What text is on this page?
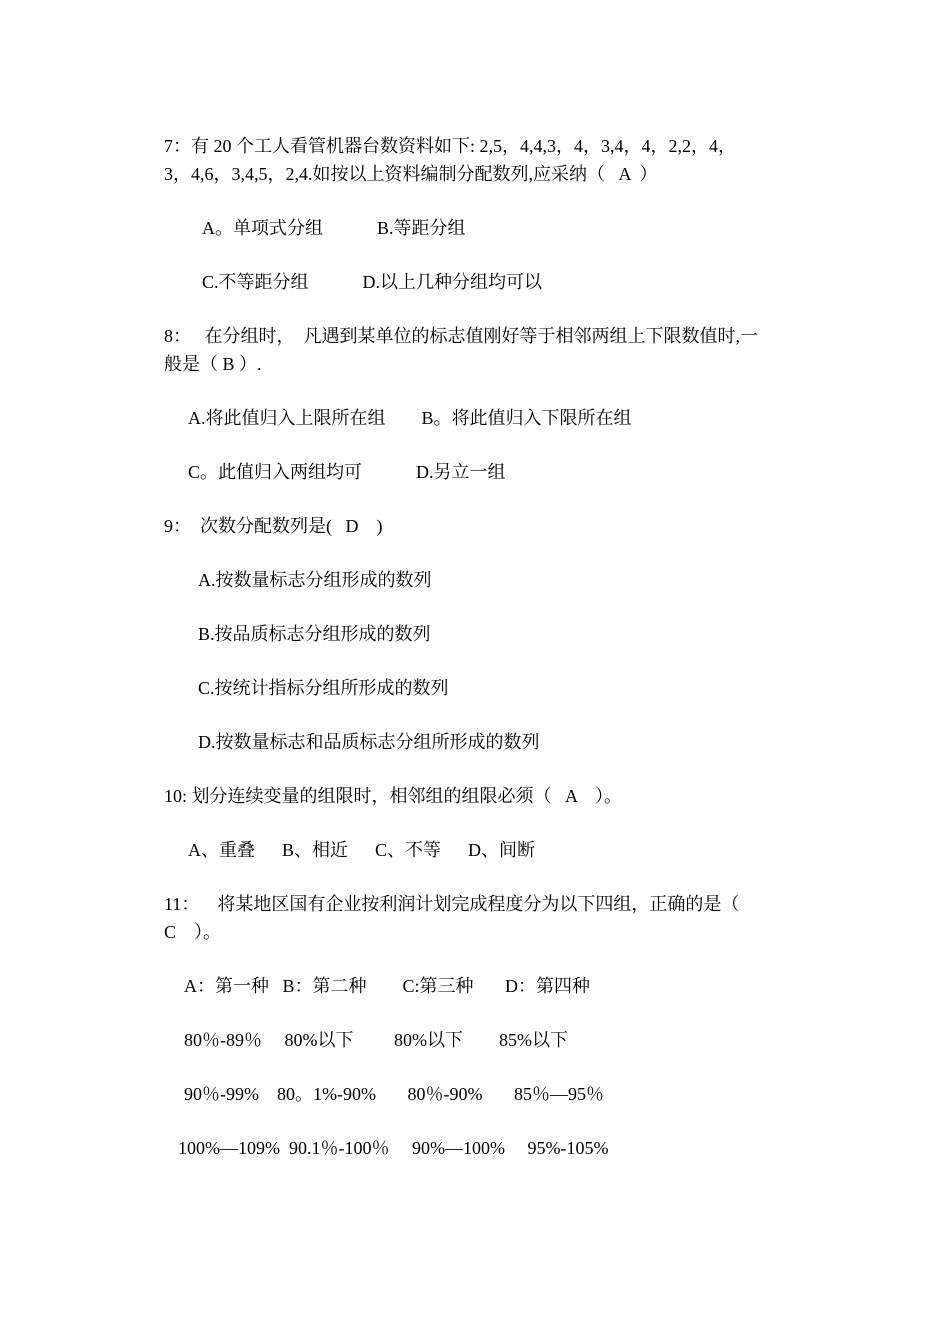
7：有 20 个工人看管机器台数资料如下: 2,5，4,4,3，4，3,4，4，2,2，4，
3，4,6，3,4,5，2,4.如按以上资料编制分配数列,应采纳（   A  ）
A。单项式分组            B.等距分组
C.不等距分组            D.以上几种分组均可以
8：   在分组时，  凡遇到某单位的标志值刚好等于相邻两组上下限数值时,一
般是（ B ）.
A.将此值归入上限所在组        B。将此值归入下限所在组
C。此值归入两组均可            D.另立一组
9：  次数分配数列是(   D    )
A.按数量标志分组形成的数列
B.按品质标志分组形成的数列
C.按统计指标分组所形成的数列
D.按数量标志和品质标志分组所形成的数列
10: 划分连续变量的组限时，相邻组的组限必须（   A    ）。
A、重叠      B、相近      C、不等      D、间断
11：    将某地区国有企业按利润计划完成程度分为以下四组，正确的是（
C    ）。
A：第一种   B：第二种        C:第三种       D：第四种
80％-89％     80%以下         80%以下        85%以下
90％-99%    80。1%-90%       80％-90%       85％—95％
100%—109%  90.1％-100％     90%—100%     95%-105%
